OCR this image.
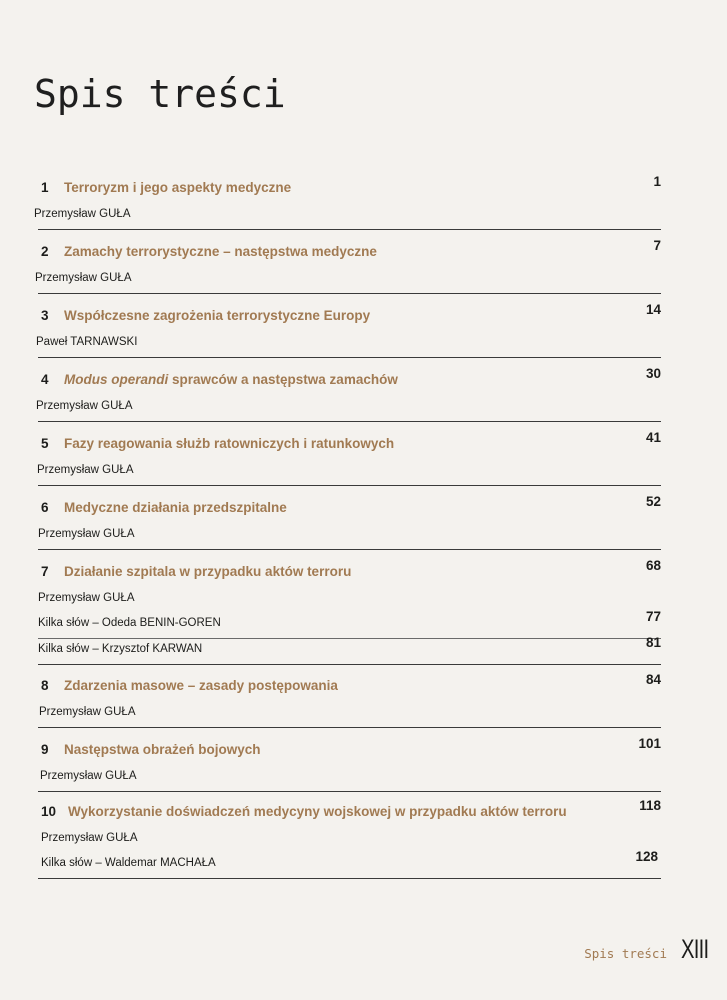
Spis treści
1 Terroryzm i jego aspekty medyczne	1
Przemysław GUŁA
2 Zamachy terrorystyczne – następstwa medyczne	7
Przemysław GUŁA
3 Współczesne zagrożenia terrorystyczne Europy	14
Paweł TARNAWSKI
4 Modus operandi sprawców a następstwa zamachów	30
Przemysław GUŁA
5 Fazy reagowania służb ratowniczych i ratunkowych	41
Przemysław GUŁA
6 Medyczne działania przedszpitalne	52
Przemysław GUŁA
7 Działanie szpitala w przypadku aktów terroru	68
Przemysław GUŁA
Kilka słów – Odeda BENIN-GOREN	77
Kilka słów – Krzysztof KARWAN	81
8 Zdarzenia masowe – zasady postępowania	84
Przemysław GUŁA
9 Następstwa obrażeń bojowych	101
Przemysław GUŁA
10 Wykorzystanie doświadczeń medycyny wojskowej w przypadku aktów terroru	118
Przemysław GUŁA
Kilka słów – Waldemar MACHAŁA	128
Spis treści XIII
